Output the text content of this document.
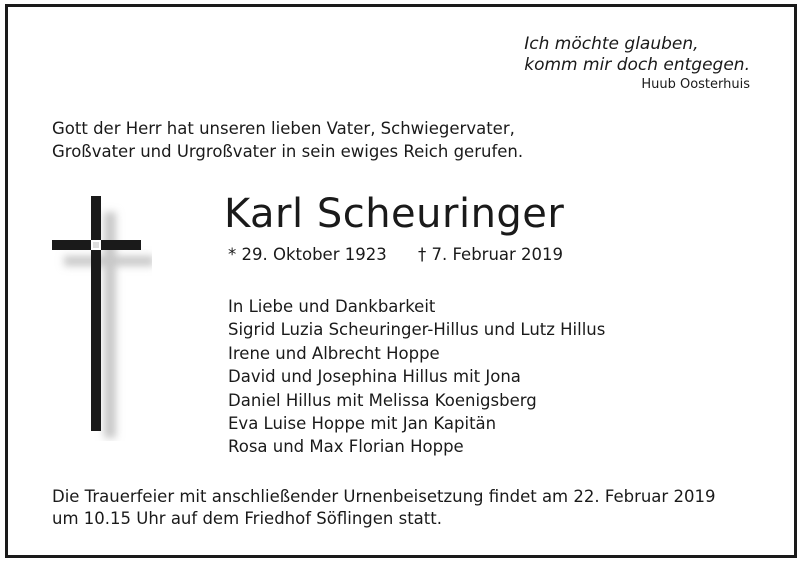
Ich möchte glauben,
komm mir doch entgegen.
Huub Oosterhuis
Gott der Herr hat unseren lieben Vater, Schwiegervater,
Großvater und Urgroßvater in sein ewiges Reich gerufen.
Karl Scheuringer
* 29. Oktober 1923 † 7. Februar 2019
In Liebe und Dankbarkeit
Sigrid Luzia Scheuringer-Hillus und Lutz Hillus
Irene und Albrecht Hoppe
David und Josephina Hillus mit Jona
Daniel Hillus mit Melissa Koenigsberg
Eva Luise Hoppe mit Jan Kapitän
Rosa und Max Florian Hoppe
Die Trauerfeier mit anschließender Urnenbeisetzung findet am 22. Februar 2019
um 10.15 Uhr auf dem Friedhof Söflingen statt.
